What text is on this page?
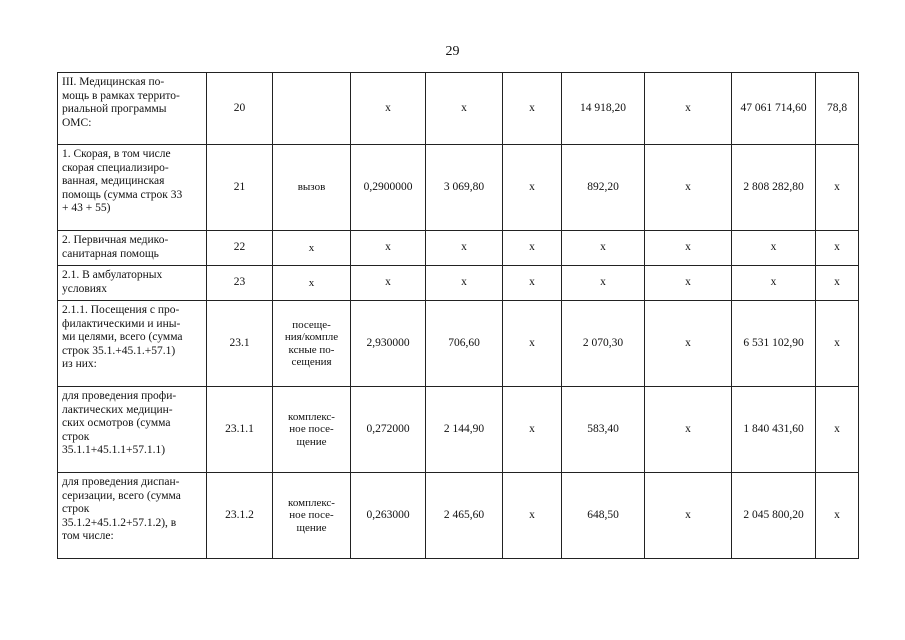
29
III. Медицинская по-
мощь в рамках террито-
риальной программы
ОМС:	20		х	х	х	14 918,20	х	47 061 714,60	78,8

1. Скорая, в том числе
скорая специализиро-
ванная, медицинская
помощь (сумма строк 33
+ 43 + 55)	21	вызов	0,2900000	3 069,80	х	892,20	х	2 808 282,80	х

2. Первичная медико-
санитарная помощь	22	х	х	х	х	х	х	х	х

2.1. В амбулаторных
условиях	23	х	х	х	х	х	х	х	х

2.1.1. Посещения с про-
филактическими и ины-
ми целями, всего (сумма
строк 35.1.+45.1.+57.1)
из них:	23.1	посеще-
ния/компле
ксные по-
сещения	2,930000	706,60	х	2 070,30	х	6 531 102,90	х

для проведения профи-
лактических медицин-
ских осмотров (сумма
строк
35.1.1+45.1.1+57.1.1)	23.1.1	комплекс-
ное посе-
щение	0,272000	2 144,90	х	583,40	х	1 840 431,60	х

для проведения диспан-
серизации, всего (сумма
строк
35.1.2+45.1.2+57.1.2), в
том числе:	23.1.2	комплекс-
ное посе-
щение	0,263000	2 465,60	х	648,50	х	2 045 800,20	х
